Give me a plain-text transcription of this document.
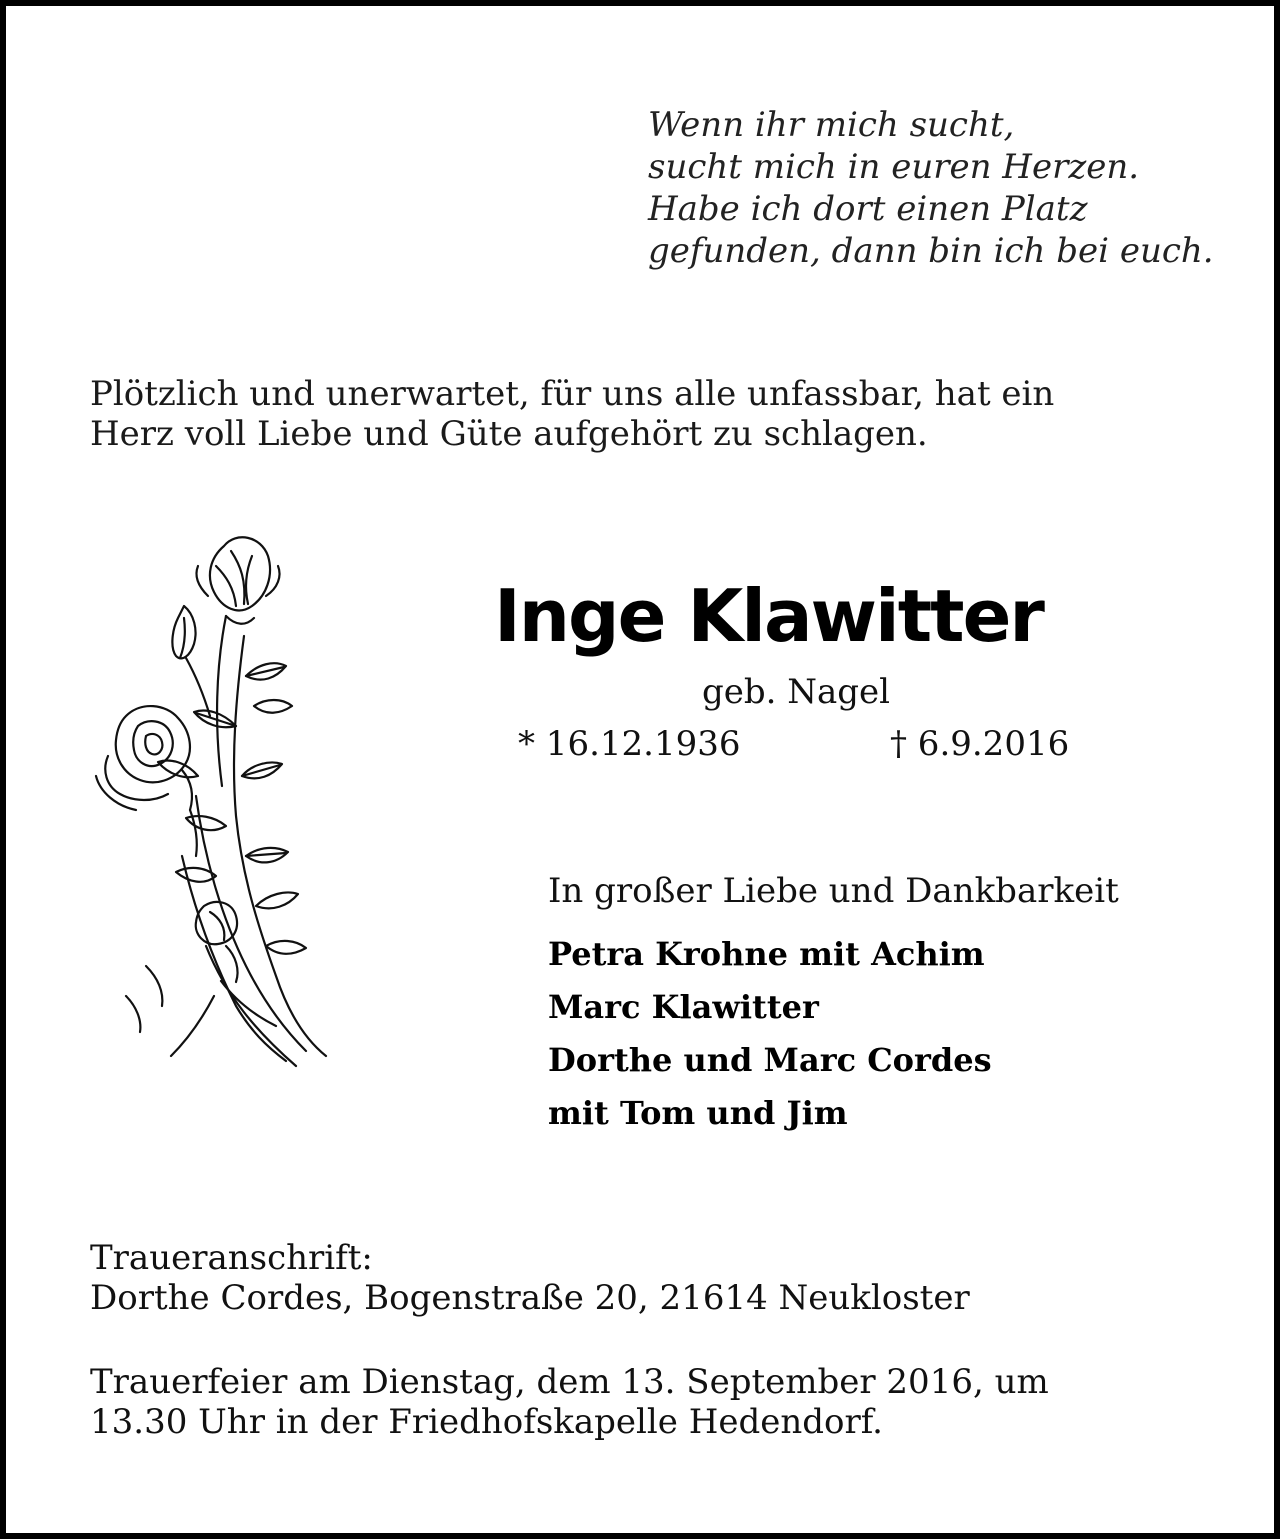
Wenn ihr mich sucht,
sucht mich in euren Herzen.
Habe ich dort einen Platz
gefunden, dann bin ich bei euch.
Plötzlich und unerwartet, für uns alle unfassbar, hat ein
Herz voll Liebe und Güte aufgehört zu schlagen.
Inge Klawitter
geb. Nagel
* 16.12.1936	† 6.9.2016
In großer Liebe und Dankbarkeit
Petra Krohne mit Achim
Marc Klawitter
Dorthe und Marc Cordes
mit Tom und Jim
Traueranschrift:
Dorthe Cordes, Bogenstraße 20, 21614 Neukloster
Trauerfeier am Dienstag, dem 13. September 2016, um
13.30 Uhr in der Friedhofskapelle Hedendorf.
